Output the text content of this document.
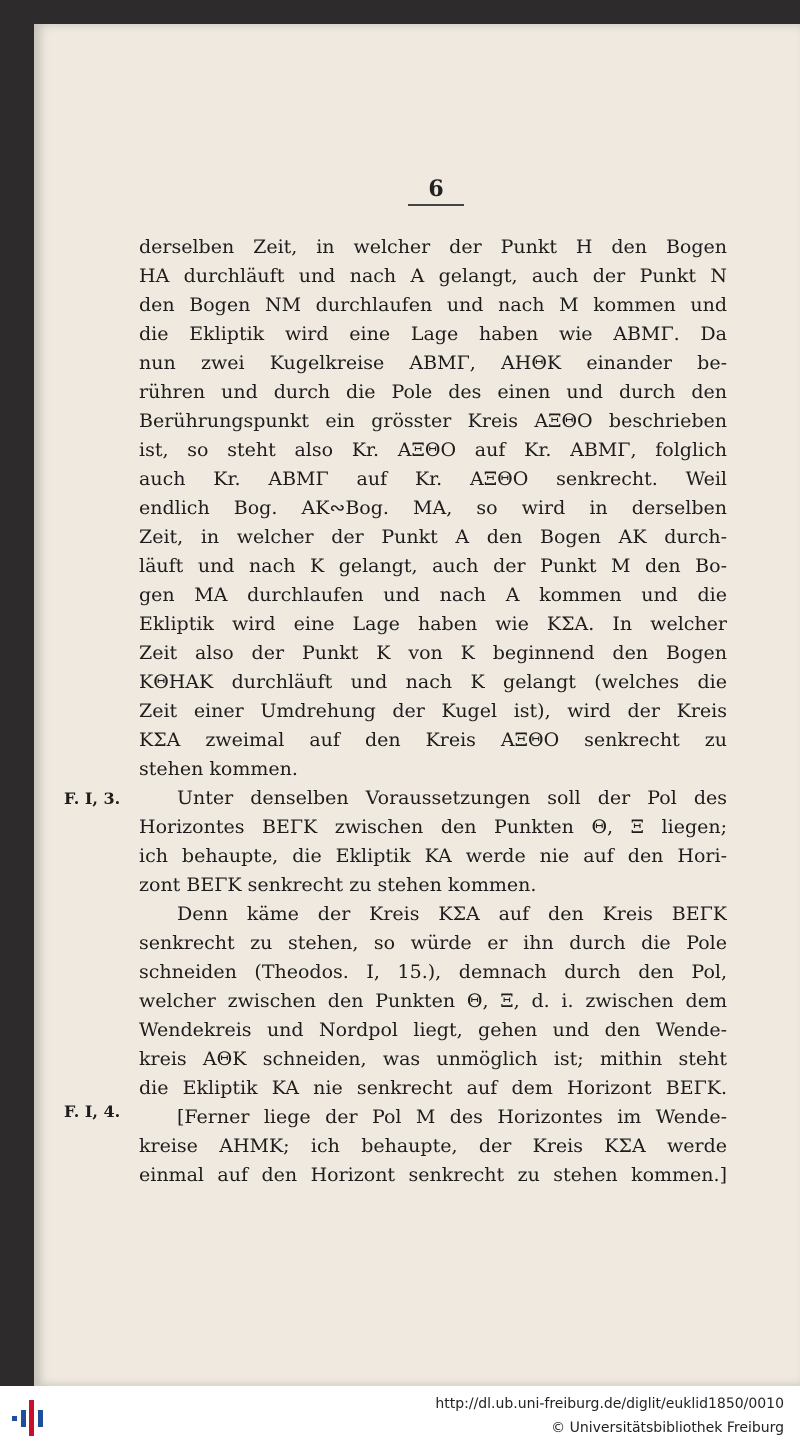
6
F. I, 3.
F. I, 4.
derselben Zeit, in welcher der Punkt H den Bogen
HA durchläuft und nach A gelangt, auch der Punkt N
den Bogen NM durchlaufen und nach M kommen und
die Ekliptik wird eine Lage haben wie ABMΓ. Da
nun zwei Kugelkreise ABMΓ, AHΘK einander be-
rühren und durch die Pole des einen und durch den
Berührungspunkt ein grösster Kreis AΞΘO beschrieben
ist, so steht also Kr. AΞΘO auf Kr. ABMΓ, folglich
auch Kr. ABMΓ auf Kr. AΞΘO senkrecht. Weil
endlich Bog. AK∾Bog. MA, so wird in derselben
Zeit, in welcher der Punkt A den Bogen AK durch-
läuft und nach K gelangt, auch der Punkt M den Bo-
gen MA durchlaufen und nach A kommen und die
Ekliptik wird eine Lage haben wie KΣA. In welcher
Zeit also der Punkt K von K beginnend den Bogen
KΘHAK durchläuft und nach K gelangt (welches die
Zeit einer Umdrehung der Kugel ist), wird der Kreis
KΣA zweimal auf den Kreis AΞΘO senkrecht zu
stehen kommen.
Unter denselben Voraussetzungen soll der Pol des
Horizontes BEΓK zwischen den Punkten Θ, Ξ liegen;
ich behaupte, die Ekliptik KA werde nie auf den Hori-
zont BEΓK senkrecht zu stehen kommen.
Denn käme der Kreis KΣA auf den Kreis BEΓK
senkrecht zu stehen, so würde er ihn durch die Pole
schneiden (Theodos. I, 15.), demnach durch den Pol,
welcher zwischen den Punkten Θ, Ξ, d. i. zwischen dem
Wendekreis und Nordpol liegt, gehen und den Wende-
kreis AΘK schneiden, was unmöglich ist; mithin steht
die Ekliptik KA nie senkrecht auf dem Horizont BEΓK.
[Ferner liege der Pol M des Horizontes im Wende-
kreise AHMK; ich behaupte, der Kreis KΣA werde
einmal auf den Horizont senkrecht zu stehen kommen.]
http://dl.ub.uni-freiburg.de/diglit/euklid1850/0010
© Universitätsbibliothek Freiburg
